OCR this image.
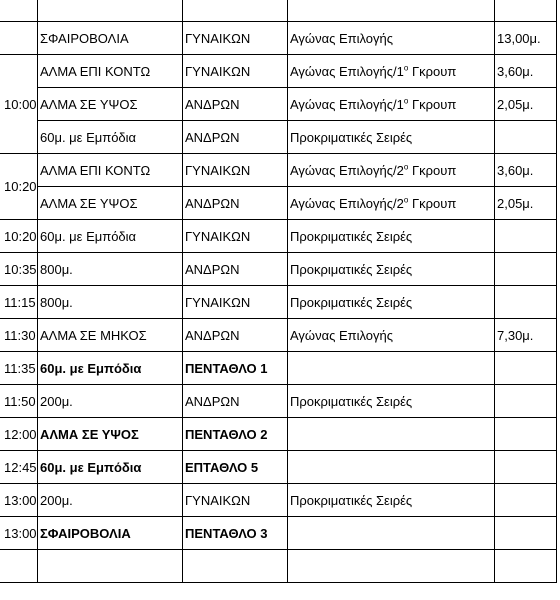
	ΣΦΑΙΡΟΒΟΛΙΑ	ΓΥΝΑΙΚΩΝ	Αγώνας Επιλογής	13,00μ.
10:00	ΑΛΜΑ ΕΠΙ ΚΟΝΤΩ	ΓΥΝΑΙΚΩΝ	Αγώνας Επιλογής/$1^o$ Γκρουπ	3,60μ.
	ΑΛΜΑ ΣΕ ΥΨΟΣ	ΑΝΔΡΩΝ	Αγώνας Επιλογής/$1^o$ Γκρουπ	2,05μ.
	60μ. με Εμπόδια	ΑΝΔΡΩΝ	Προκριματικές Σειρές	
10:20	ΑΛΜΑ ΕΠΙ ΚΟΝΤΩ	ΓΥΝΑΙΚΩΝ	Αγώνας Επιλογής/$2^o$ Γκρουπ	3,60μ.
	ΑΛΜΑ ΣΕ ΥΨΟΣ	ΑΝΔΡΩΝ	Αγώνας Επιλογής/$2^o$ Γκρουπ	2,05μ.
10:20	60μ. με Εμπόδια	ΓΥΝΑΙΚΩΝ	Προκριματικές Σειρές	
10:35	800μ.	ΑΝΔΡΩΝ	Προκριματικές Σειρές	
11:15	800μ.	ΓΥΝΑΙΚΩΝ	Προκριματικές Σειρές	
11:30	ΑΛΜΑ ΣΕ ΜΗΚΟΣ	ΑΝΔΡΩΝ	Αγώνας Επιλογής	7,30μ.
11:35	60μ. με Εμπόδια	ΠΕΝΤΑΘΛΟ 1		
11:50	200μ.	ΑΝΔΡΩΝ	Προκριματικές Σειρές	
12:00	ΑΛΜΑ ΣΕ ΥΨΟΣ	ΠΕΝΤΑΘΛΟ 2		
12:45	60μ. με Εμπόδια	ΕΠΤΑΘΛΟ 5		
13:00	200μ.	ΓΥΝΑΙΚΩΝ	Προκριματικές Σειρές	
13:00	ΣΦΑΙΡΟΒΟΛΙΑ	ΠΕΝΤΑΘΛΟ 3		
